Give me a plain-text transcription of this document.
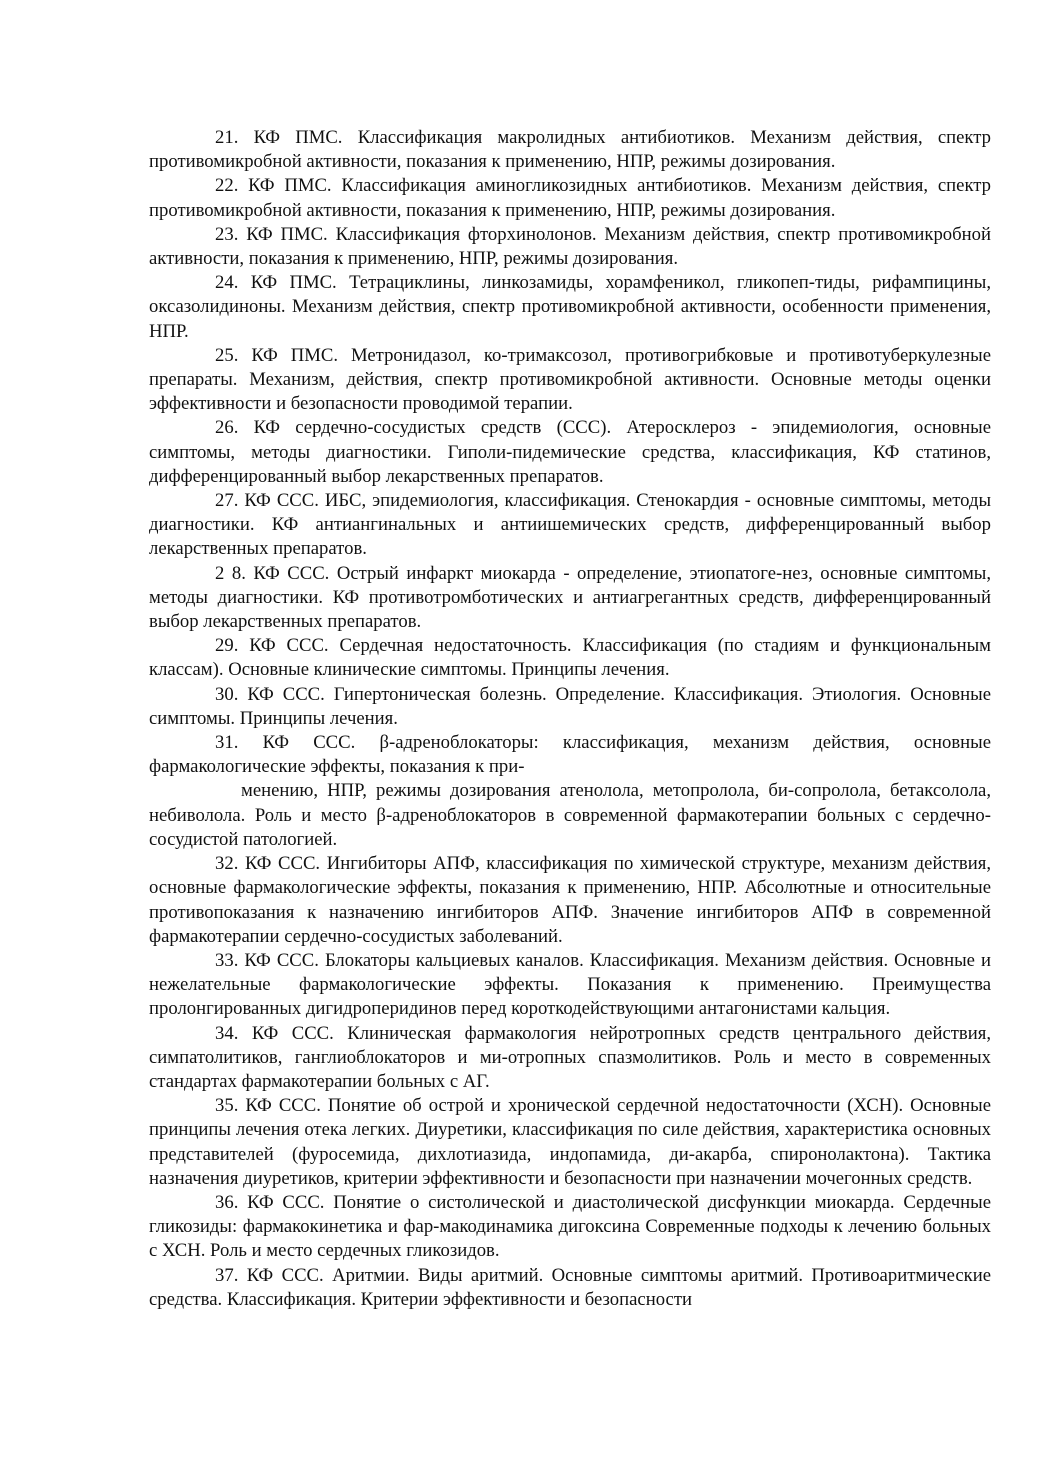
21. КФ ПМС. Классификация макролидных антибиотиков. Механизм действия, спектр противомикробной активности, показания к применению, НПР, режимы дозирования.

22. КФ ПМС. Классификация аминогликозидных антибиотиков. Механизм действия, спектр противомикробной активности, показания к применению, НПР, режимы дозирования.

23. КФ ПМС. Классификация фторхинолонов. Механизм действия, спектр противомикробной активности, показания к применению, НПР, режимы дозирования.

24. КФ ПМС. Тетрациклины, линкозамиды, хорамфеникол, гликопеп-тиды, рифампицины, оксазолидиноны. Механизм действия, спектр противомикробной активности, особенности применения, НПР.

25. КФ ПМС. Метронидазол, ко-тримаксозол, противогрибковые и противотуберкулезные препараты. Механизм, действия, спектр противомикробной активности. Основные методы оценки эффективности и безопасности проводимой терапии.

26. КФ сердечно-сосудистых средств (ССС). Атеросклероз - эпидемиология, основные симптомы, методы диагностики. Гиполи-пидемические средства, классификация, КФ статинов, дифференцированный выбор лекарственных препаратов.

27. КФ ССС. ИБС, эпидемиология, классификация. Стенокардия - основные симптомы, методы диагностики. КФ антиангинальных и антиишемических средств, дифференцированный выбор лекарственных препаратов.

2 8. КФ ССС. Острый инфаркт миокарда - определение, этиопатоге-нез, основные симптомы, методы диагностики. КФ противотромботических и антиагрегантных средств, дифференцированный выбор лекарственных препаратов.

29. КФ ССС. Сердечная недостаточность. Классификация (по стадиям и функциональным классам). Основные клинические симптомы. Принципы лечения.

30. КФ ССС. Гипертоническая болезнь. Определение. Классификация. Этиология. Основные симптомы. Принципы лечения.

31. КФ ССС. β-адреноблокаторы: классификация, механизм действия, основные фармакологические эффекты, показания к при-

менению, НПР, режимы дозирования атенолола, метопролола, би-сопролола, бетаксолола, небиволола. Роль и место β-адреноблокаторов в современной фармакотерапии больных с сердечно-сосудистой патологией.

32. КФ ССС. Ингибиторы АПФ, классификация по химической структуре, механизм действия, основные фармакологические эффекты, показания к применению, НПР. Абсолютные и относительные противопоказания к назначению ингибиторов АПФ. Значение ингибиторов АПФ в современной фармакотерапии сердечно-сосудистых заболеваний.

33. КФ ССС. Блокаторы кальциевых каналов. Классификация. Механизм действия. Основные и нежелательные фармакологические эффекты. Показания к применению. Преимущества пролонгированных дигидроперидинов перед короткодействующими антагонистами кальция.

34. КФ ССС. Клиническая фармакология нейротропных средств центрального действия, симпатолитиков, ганглиоблокаторов и ми-отропных спазмолитиков. Роль и место в современных стандартах фармакотерапии больных с АГ.

35. КФ ССС. Понятие об острой и хронической сердечной недостаточности (ХСН). Основные принципы лечения отека легких. Диуретики, классификация по силе действия, характеристика основных представителей (фуросемида, дихлотиазида, индопамида, ди-акарба, спиронолактона). Тактика назначения диуретиков, критерии эффективности и безопасности при назначении мочегонных средств.

36. КФ ССС. Понятие о систолической и диастолической дисфункции миокарда. Сердечные гликозиды: фармакокинетика и фар-макодинамика дигоксина Современные подходы к лечению больных с ХСН. Роль и место сердечных гликозидов.

37. КФ ССС. Аритмии. Виды аритмий. Основные симптомы аритмий. Противоаритмические средства. Классификация. Критерии эффективности и безопасности
